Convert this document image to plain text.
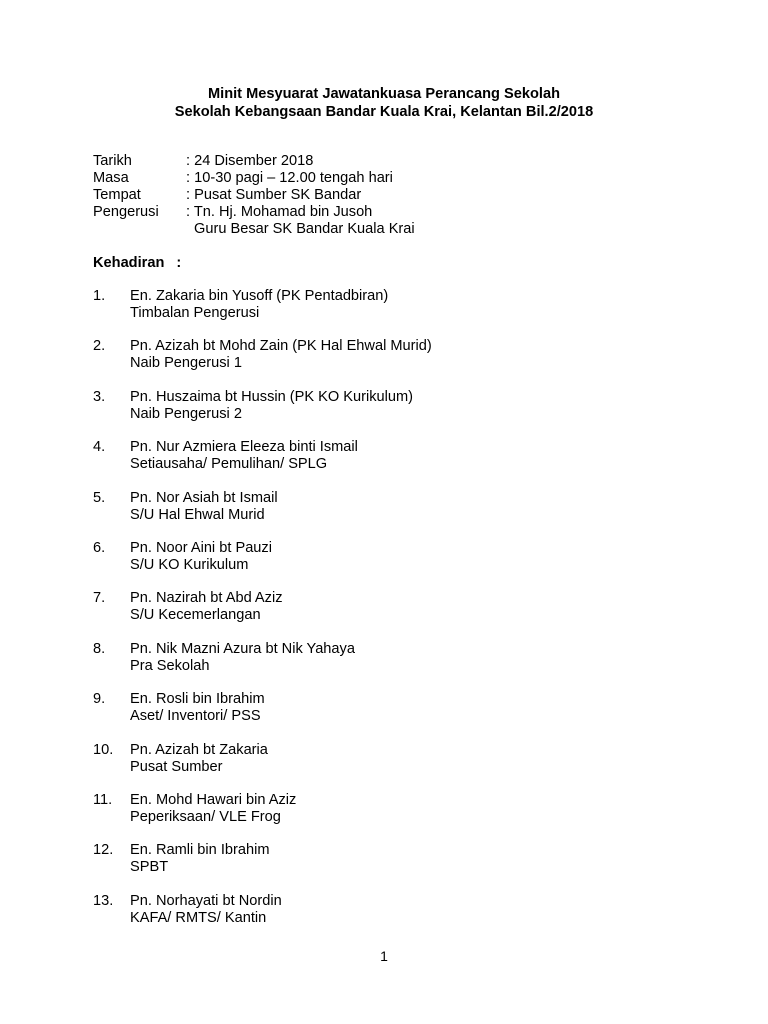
Minit Mesyuarat Jawatankuasa Perancang Sekolah
Sekolah Kebangsaan Bandar Kuala Krai, Kelantan Bil.2/2018
Tarikh	: 24 Disember 2018
Masa	: 10-30 pagi – 12.00 tengah hari
Tempat	: Pusat Sumber SK Bandar
Pengerusi	: Tn. Hj. Mohamad bin Jusoh
Guru Besar SK Bandar Kuala Krai
Kehadiran :
1. En. Zakaria bin Yusoff (PK Pentadbiran)
Timbalan Pengerusi
2. Pn. Azizah bt Mohd Zain (PK Hal Ehwal Murid)
Naib Pengerusi 1
3. Pn. Huszaima bt Hussin (PK KO Kurikulum)
Naib Pengerusi 2
4. Pn. Nur Azmiera Eleeza binti Ismail
Setiausaha/ Pemulihan/ SPLG
5. Pn. Nor Asiah bt Ismail
S/U Hal Ehwal Murid
6. Pn. Noor Aini bt Pauzi
S/U KO Kurikulum
7. Pn. Nazirah bt Abd Aziz
S/U Kecemerlangan
8. Pn. Nik Mazni Azura bt Nik Yahaya
Pra Sekolah
9. En. Rosli bin Ibrahim
Aset/ Inventori/ PSS
10. Pn. Azizah bt Zakaria
Pusat Sumber
11. En. Mohd Hawari bin Aziz
Peperiksaan/ VLE Frog
12. En. Ramli bin Ibrahim
SPBT
13. Pn. Norhayati bt Nordin
KAFA/ RMTS/ Kantin
1
